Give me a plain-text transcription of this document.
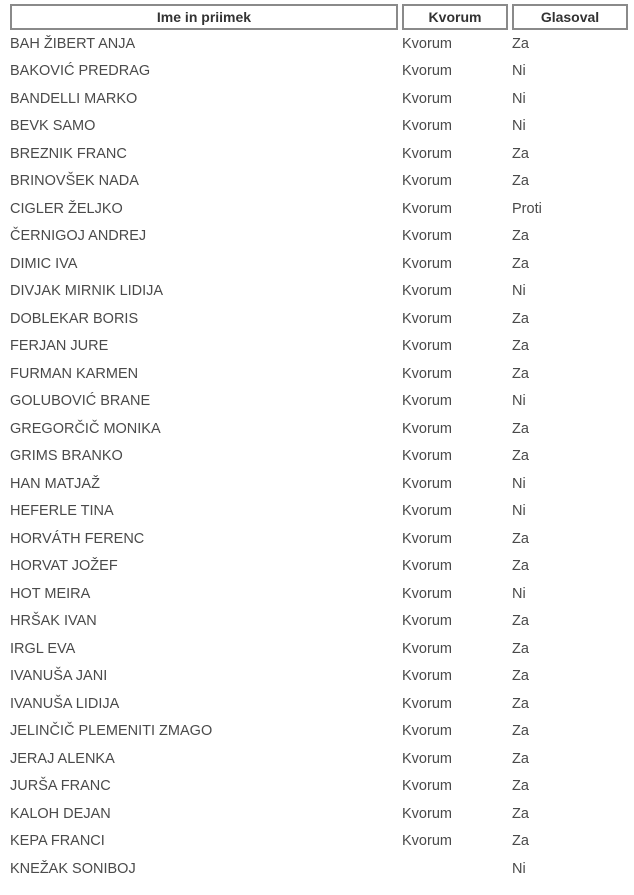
Ime in priimek	Kvorum	Glasoval
BAH ŽIBERT ANJA	Kvorum	Za
BAKOVIĆ PREDRAG	Kvorum	Ni
BANDELLI MARKO	Kvorum	Ni
BEVK SAMO	Kvorum	Ni
BREZNIK FRANC	Kvorum	Za
BRINOVŠEK NADA	Kvorum	Za
CIGLER ŽELJKO	Kvorum	Proti
ČERNIGOJ ANDREJ	Kvorum	Za
DIMIC IVA	Kvorum	Za
DIVJAK MIRNIK LIDIJA	Kvorum	Ni
DOBLEKAR BORIS	Kvorum	Za
FERJAN JURE	Kvorum	Za
FURMAN KARMEN	Kvorum	Za
GOLUBOVIĆ BRANE	Kvorum	Ni
GREGORČIČ MONIKA	Kvorum	Za
GRIMS BRANKO	Kvorum	Za
HAN MATJAŽ	Kvorum	Ni
HEFERLE TINA	Kvorum	Ni
HORVÁTH FERENC	Kvorum	Za
HORVAT JOŽEF	Kvorum	Za
HOT MEIRA	Kvorum	Ni
HRŠAK IVAN	Kvorum	Za
IRGL EVA	Kvorum	Za
IVANUŠA JANI	Kvorum	Za
IVANUŠA LIDIJA	Kvorum	Za
JELINČIČ PLEMENITI ZMAGO	Kvorum	Za
JERAJ ALENKA	Kvorum	Za
JURŠA FRANC	Kvorum	Za
KALOH DEJAN	Kvorum	Za
KEPA FRANCI	Kvorum	Za
KNEŽAK SONIBOJ		Ni
